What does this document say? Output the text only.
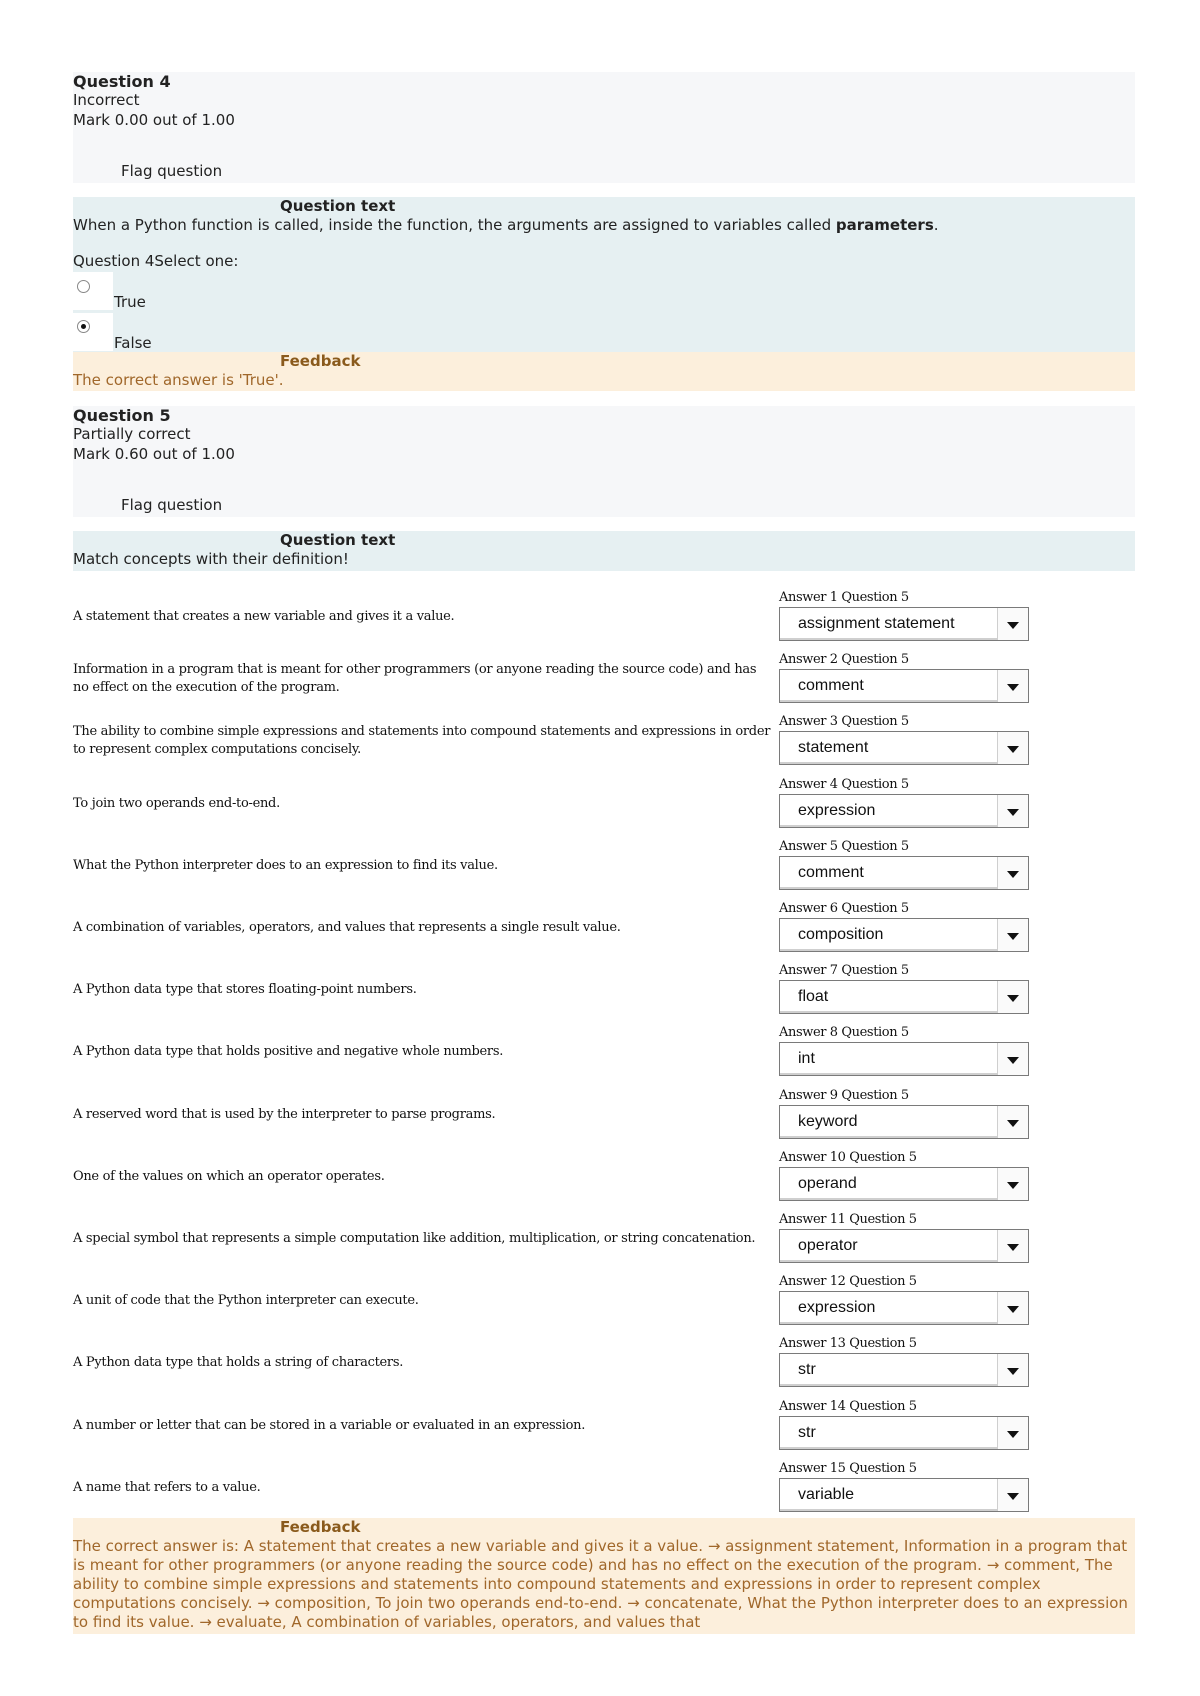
Question 4
Incorrect
Mark 0.00 out of 1.00
Flag question
Question text
When a Python function is called, inside the function, the arguments are assigned to variables called parameters.
Question 4Select one:
True
False
Feedback
The correct answer is 'True'.
Question 5
Partially correct
Mark 0.60 out of 1.00
Flag question
Question text
Match concepts with their definition!
Answer 1 Question 5
assignment statement
A statement that creates a new variable and gives it a value.
Answer 2 Question 5
comment
Information in a program that is meant for other programmers (or anyone reading the source code) and has no effect on the execution of the program.
Answer 3 Question 5
statement
The ability to combine simple expressions and statements into compound statements and expressions in order to represent complex computations concisely.
Answer 4 Question 5
expression
To join two operands end-to-end.
Answer 5 Question 5
comment
What the Python interpreter does to an expression to find its value.
Answer 6 Question 5
composition
A combination of variables, operators, and values that represents a single result value.
Answer 7 Question 5
float
A Python data type that stores floating-point numbers.
Answer 8 Question 5
int
A Python data type that holds positive and negative whole numbers.
Answer 9 Question 5
keyword
A reserved word that is used by the interpreter to parse programs.
Answer 10 Question 5
operand
One of the values on which an operator operates.
Answer 11 Question 5
operator
A special symbol that represents a simple computation like addition, multiplication, or string concatenation.
Answer 12 Question 5
expression
A unit of code that the Python interpreter can execute.
Answer 13 Question 5
str
A Python data type that holds a string of characters.
Answer 14 Question 5
str
A number or letter that can be stored in a variable or evaluated in an expression.
Answer 15 Question 5
variable
A name that refers to a value.
Feedback
The correct answer is: A statement that creates a new variable and gives it a value. → assignment statement, Information in a program that is meant for other programmers (or anyone reading the source code) and has no effect on the execution of the program. → comment, The ability to combine simple expressions and statements into compound statements and expressions in order to represent complex computations concisely. → composition, To join two operands end-to-end. → concatenate, What the Python interpreter does to an expression to find its value. → evaluate, A combination of variables, operators, and values that
